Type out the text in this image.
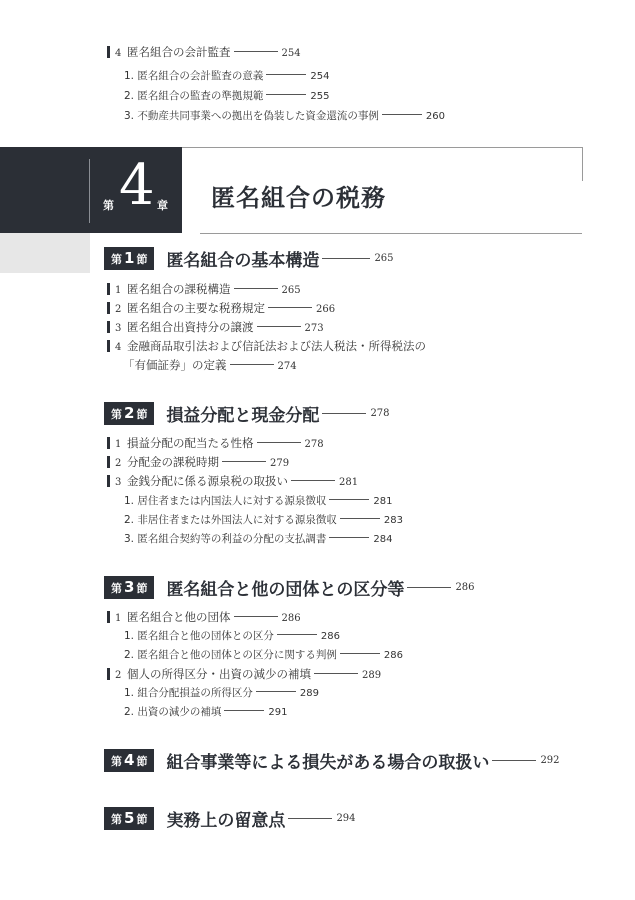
4 匿名組合の会計監査	254
1. 匿名組合の会計監査の意義	254
2. 匿名組合の監査の準拠規範	255
3. 不動産共同事業への拠出を偽装した資金還流の事例	260
第 4 章 匿名組合の税務
第 1 節 匿名組合の基本構造	265
1 匿名組合の課税構造	265
2 匿名組合の主要な税務規定	266
3 匿名組合出資持分の譲渡	273
4 金融商品取引法および信託法および法人税法・所得税法の
「有価証券」の定義	274
第 2 節 損益分配と現金分配	278
1 損益分配の配当たる性格	278
2 分配金の課税時期	279
3 金銭分配に係る源泉税の取扱い	281
1. 居住者または内国法人に対する源泉徴収	281
2. 非居住者または外国法人に対する源泉徴収	283
3. 匿名組合契約等の利益の分配の支払調書	284
第 3 節 匿名組合と他の団体との区分等	286
1 匿名組合と他の団体	286
1. 匿名組合と他の団体との区分	286
2. 匿名組合と他の団体との区分に関する判例	286
2 個人の所得区分・出資の減少の補填	289
1. 組合分配損益の所得区分	289
2. 出資の減少の補填	291
第 4 節 組合事業等による損失がある場合の取扱い	292
第 5 節 実務上の留意点	294
